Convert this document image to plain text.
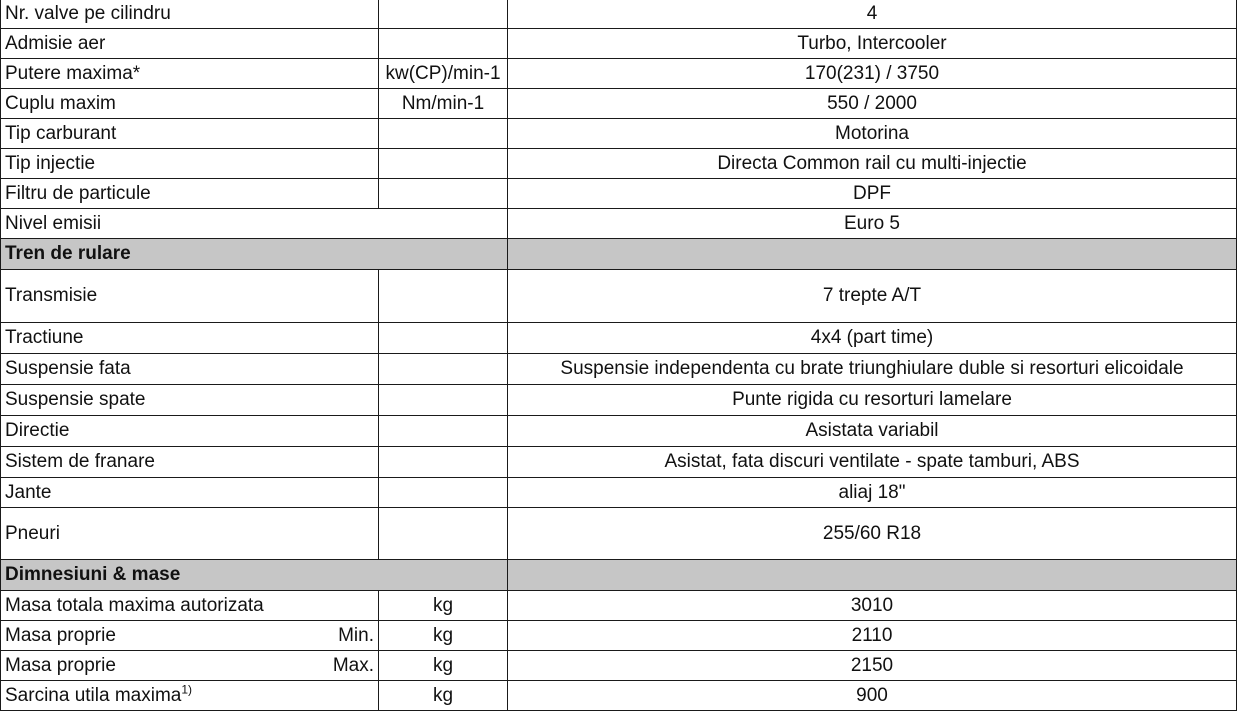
Nr. valve pe cilindru		4
Admisie aer		Turbo, Intercooler
Putere maxima*	kw(CP)/min-1	170(231) / 3750
Cuplu maxim	Nm/min-1	550 / 2000
Tip carburant		Motorina
Tip injectie		Directa Common rail cu multi-injectie
Filtru de particule		DPF
Nivel emisii		Euro 5
Tren de rulare		
Transmisie		7 trepte A/T
Tractiune		4x4 (part time)
Suspensie fata		Suspensie independenta cu brate triunghiulare duble si resorturi elicoidale
Suspensie spate		Punte rigida cu resorturi lamelare
Directie		Asistata variabil
Sistem de franare		Asistat, fata discuri ventilate - spate tamburi, ABS
Jante		aliaj 18"
Pneuri		255/60 R18
Dimnesiuni & mase		

Masa totala maxima autorizata	kg	3010

Masa proprie Min.	kg	2110

Masa proprie Max.	kg	2150
Sarcina utila maxima$^{1)}$	kg	900
